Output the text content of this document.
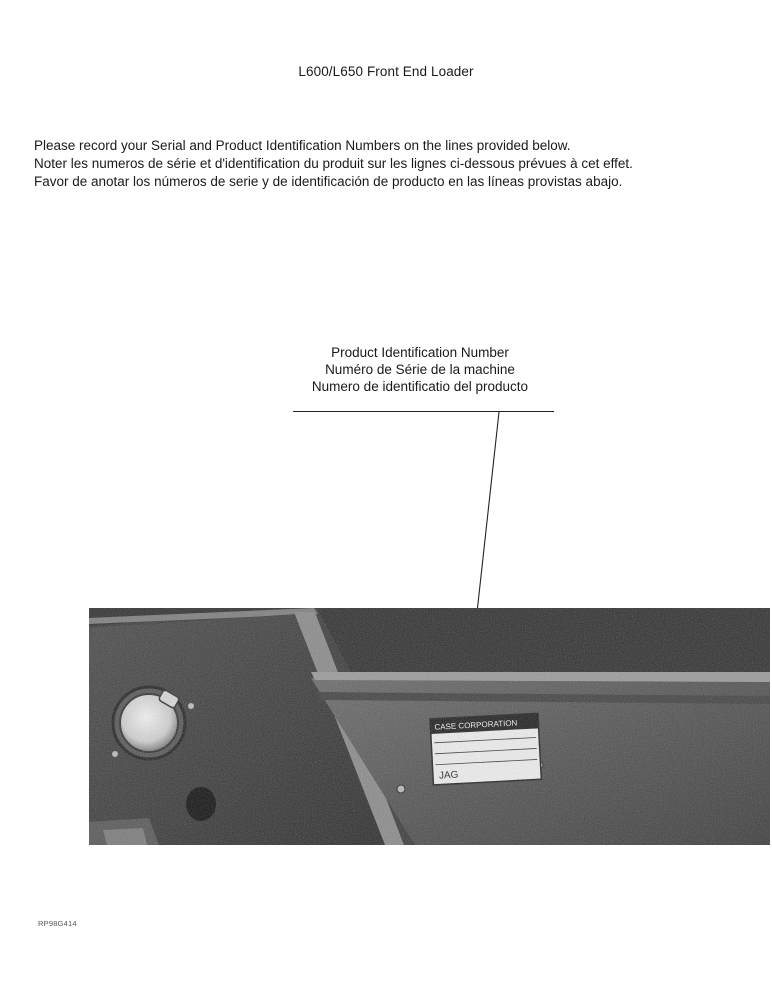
L600/L650 Front End Loader
Please record your Serial and Product Identification Numbers on the lines provided below.
Noter les numeros de série et d'identification du produit sur les lignes ci-dessous prévues à cet effet.
Favor de anotar los números de serie y de identificación de producto en las líneas provistas abajo.
Product Identification Number
Numéro de Série de la machine
Numero de identificatio del producto
RP98G414
